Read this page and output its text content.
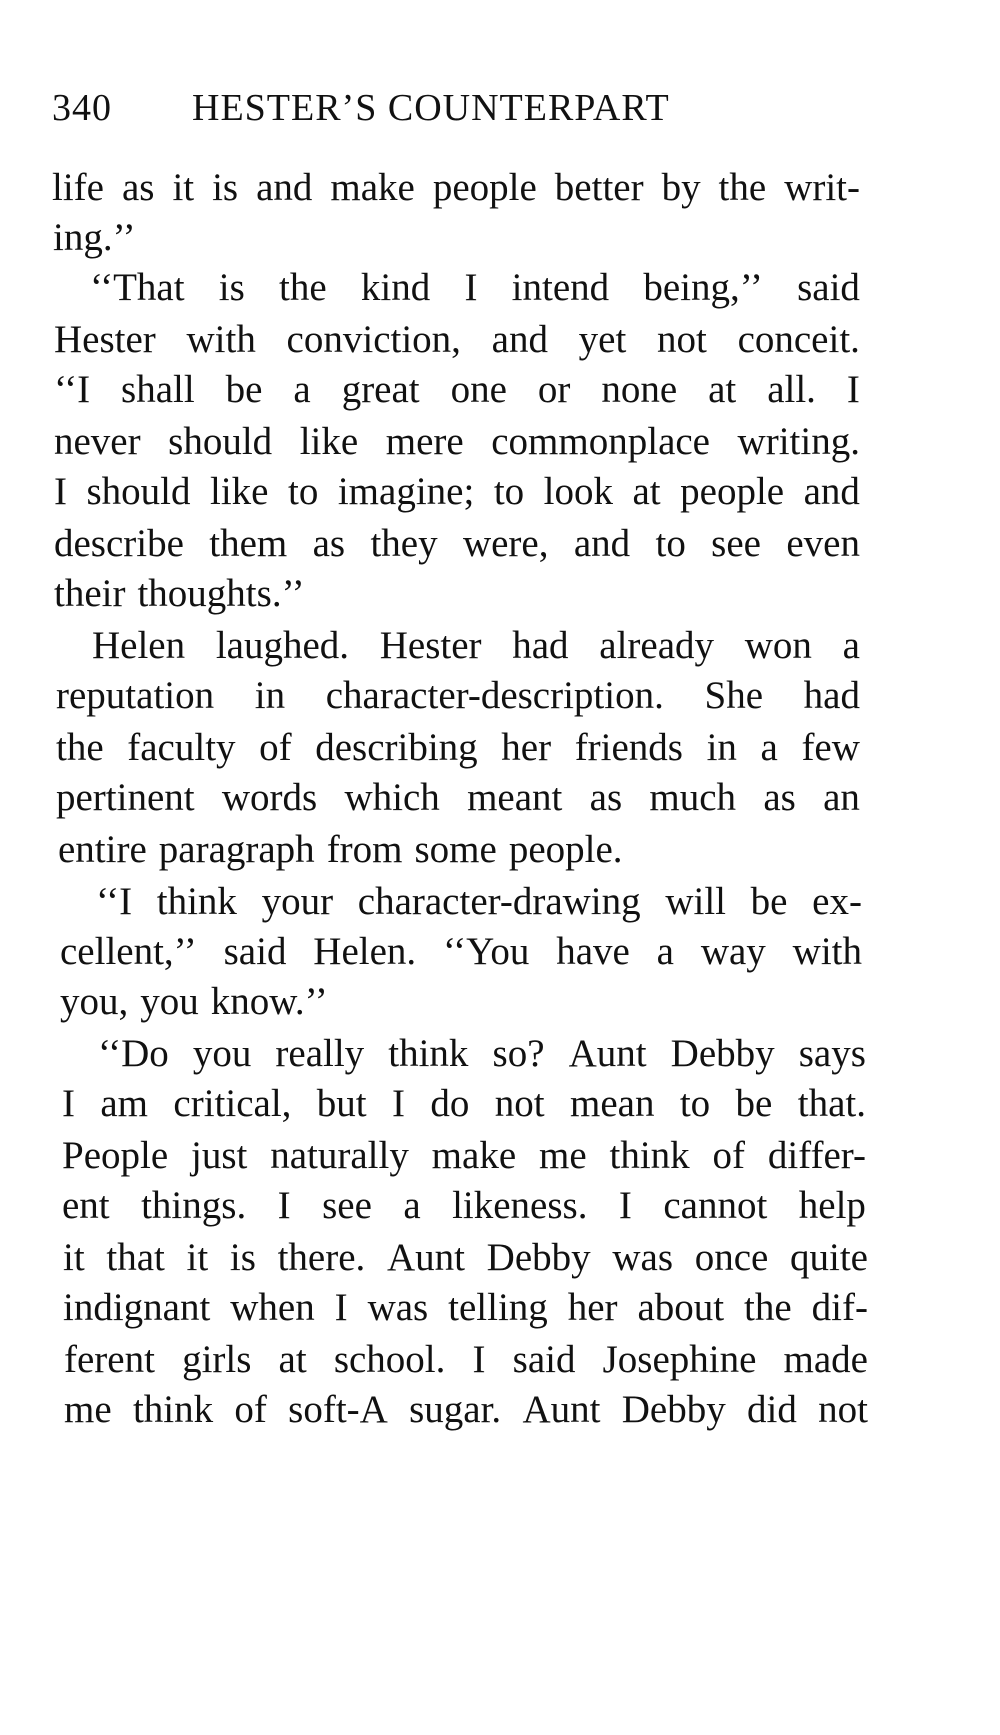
340 HESTER’S COUNTERPART
life as it is and make people better by the writ-
ing.’’
‘‘That is the kind I intend being,’’ said
Hester with conviction, and yet not conceit.
‘‘I shall be a great one or none at all. I
never should like mere commonplace writing.
I should like to imagine; to look at people and
describe them as they were, and to see even
their thoughts.’’
Helen laughed. Hester had already won a
reputation in character-description. She had
the faculty of describing her friends in a few
pertinent words which meant as much as an
entire paragraph from some people.
‘‘I think your character-drawing will be ex-
cellent,’’ said Helen. ‘‘You have a way with
you, you know.’’
‘‘Do you really think so? Aunt Debby says
I am critical, but I do not mean to be that.
People just naturally make me think of differ-
ent things. I see a likeness. I cannot help
it that it is there. Aunt Debby was once quite
indignant when I was telling her about the dif-
ferent girls at school. I said Josephine made
me think of soft-A sugar. Aunt Debby did not
